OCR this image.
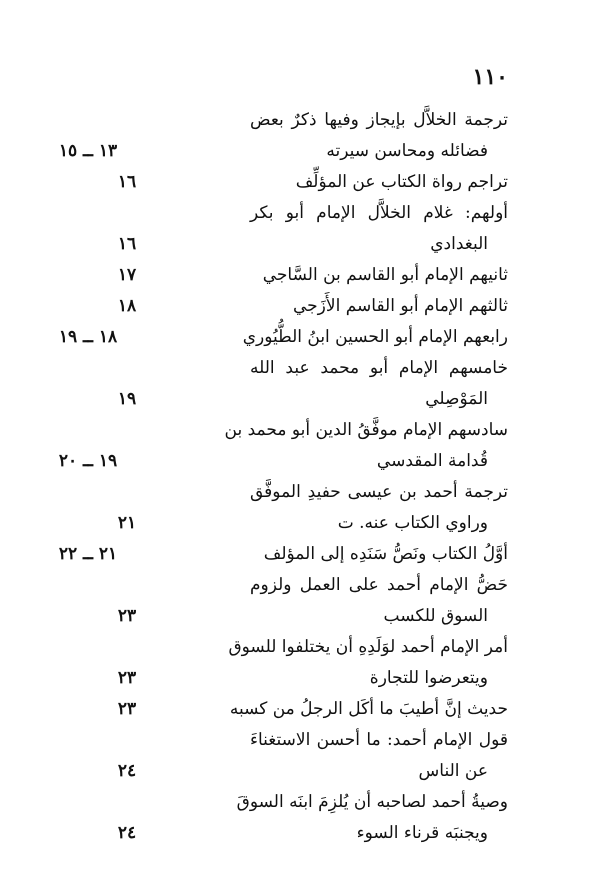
١١٠
ترجمة الخلاَّل بإيجاز وفيها ذكرٌ بعض
فضائله ومحاسن سيرته
١٣ ــ ١٥
تراجم رواة الكتاب عن المؤلِّف
١٦
أولهم: غلام الخلاَّل الإمام أبو بكر
البغدادي
١٦
ثانيهم الإمام أبو القاسم بن السَّاجي
١٧
ثالثهم الإمام أبو القاسم الأَزَجي
١٨
رابعهم الإمام أبو الحسين ابنُ الطُّيُوري
١٨ ــ ١٩
خامسهم الإمام أبو محمد عبد الله
المَوْصِلي
١٩
سادسهم الإمام موفَّقُ الدين أبو محمد بن
قُدامة المقدسي
١٩ ــ ٢٠
ترجمة أحمد بن عيسى حفيدِ الموفَّق
وراوي الكتاب عنه. ت
٢١
أوَّلُ الكتاب ونَصُّ سَنَدِه إلى المؤلف
٢١ ــ ٢٢
حَضُّ الإمام أحمد على العمل ولزوم
السوق للكسب
٢٣
أمر الإمام أحمد لوَلَدِهِ أن يختلفوا للسوق
ويتعرضوا للتجارة
٢٣
حديث إنَّ أطيبَ ما أكَل الرجلُ من كسبه
٢٣
قول الإمام أحمد: ما أحسن الاستغناءَ
عن الناس
٢٤
وصيةُ أحمد لصاحبه أن يُلزِمَ ابنَه السوقَ
ويجنبَه قرناء السوء
٢٤
